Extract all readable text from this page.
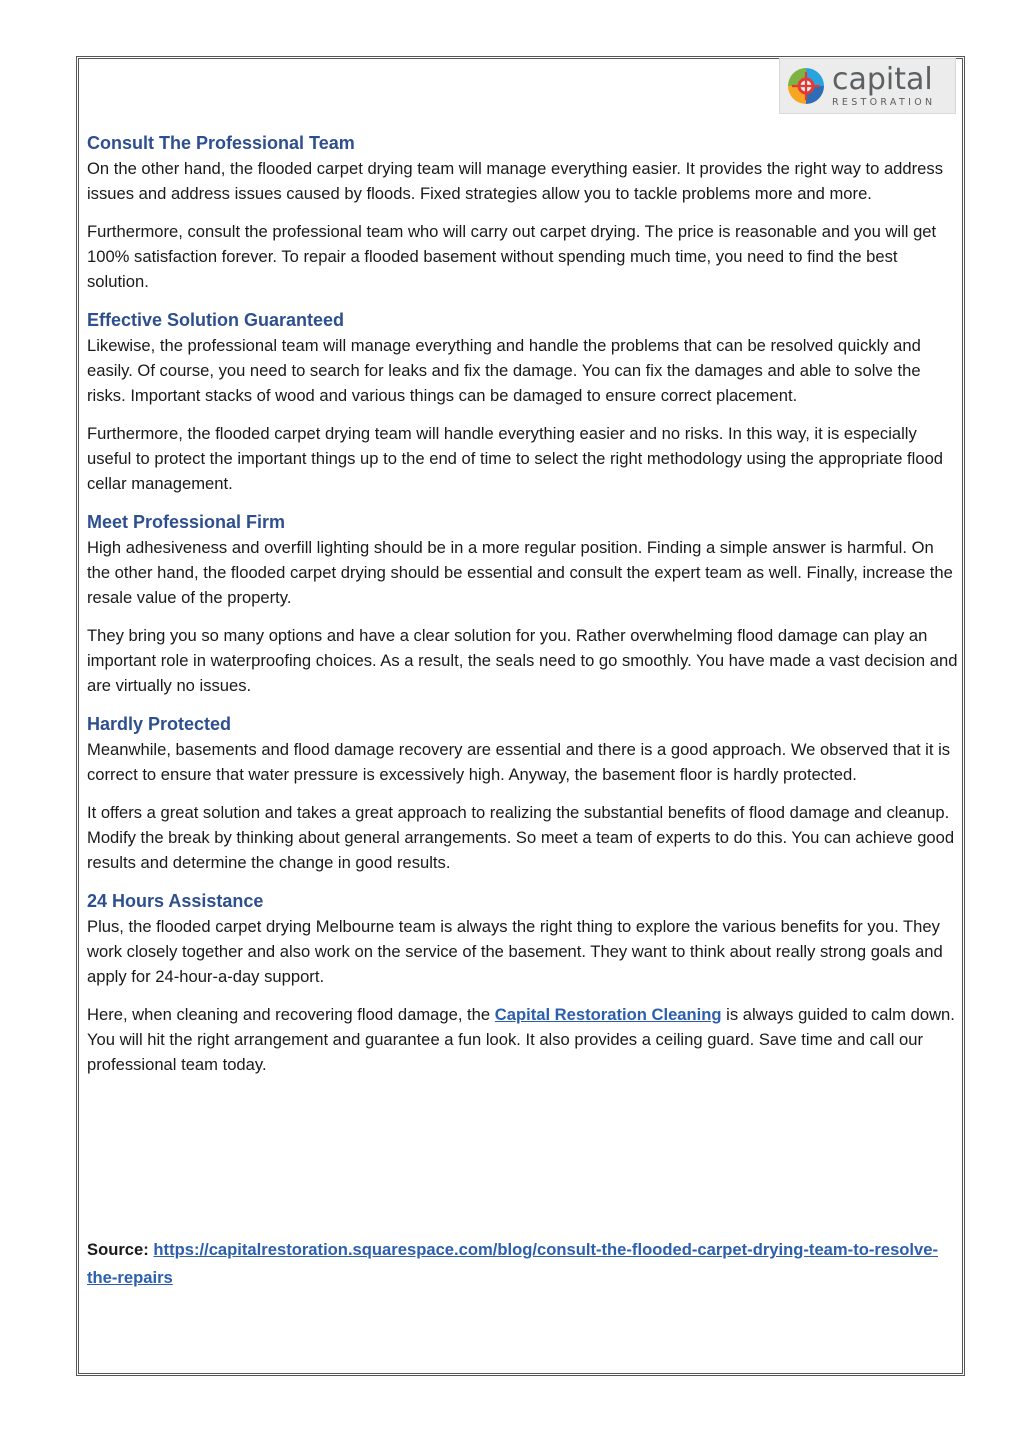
capital
RESTORATION
Consult The Professional Team

On the other hand, the flooded carpet drying team will manage everything easier. It provides the right way to address issues and address issues caused by floods. Fixed strategies allow you to tackle problems more and more.

Furthermore, consult the professional team who will carry out carpet drying. The price is reasonable and you will get 100% satisfaction forever. To repair a flooded basement without spending much time, you need to find the best solution.

Effective Solution Guaranteed

Likewise, the professional team will manage everything and handle the problems that can be resolved quickly and easily. Of course, you need to search for leaks and fix the damage. You can fix the damages and able to solve the risks. Important stacks of wood and various things can be damaged to ensure correct placement.

Furthermore, the flooded carpet drying team will handle everything easier and no risks. In this way, it is especially useful to protect the important things up to the end of time to select the right methodology using the appropriate flood cellar management.

Meet Professional Firm

High adhesiveness and overfill lighting should be in a more regular position. Finding a simple answer is harmful. On the other hand, the flooded carpet drying should be essential and consult the expert team as well. Finally, increase the resale value of the property.

They bring you so many options and have a clear solution for you. Rather overwhelming flood damage can play an important role in waterproofing choices. As a result, the seals need to go smoothly. You have made a vast decision and are virtually no issues.

Hardly Protected

Meanwhile, basements and flood damage recovery are essential and there is a good approach. We observed that it is correct to ensure that water pressure is excessively high. Anyway, the basement floor is hardly protected.

It offers a great solution and takes a great approach to realizing the substantial benefits of flood damage and cleanup. Modify the break by thinking about general arrangements. So meet a team of experts to do this. You can achieve good results and determine the change in good results.

24 Hours Assistance

Plus, the flooded carpet drying Melbourne team is always the right thing to explore the various benefits for you. They work closely together and also work on the service of the basement. They want to think about really strong goals and apply for 24-hour-a-day support.

Here, when cleaning and recovering flood damage, the Capital Restoration Cleaning is always guided to calm down. You will hit the right arrangement and guarantee a fun look. It also provides a ceiling guard. Save time and call our professional team today.

Source: https://capitalrestoration.squarespace.com/blog/consult-the-flooded-carpet-drying-team-to-resolve-the-repairs
